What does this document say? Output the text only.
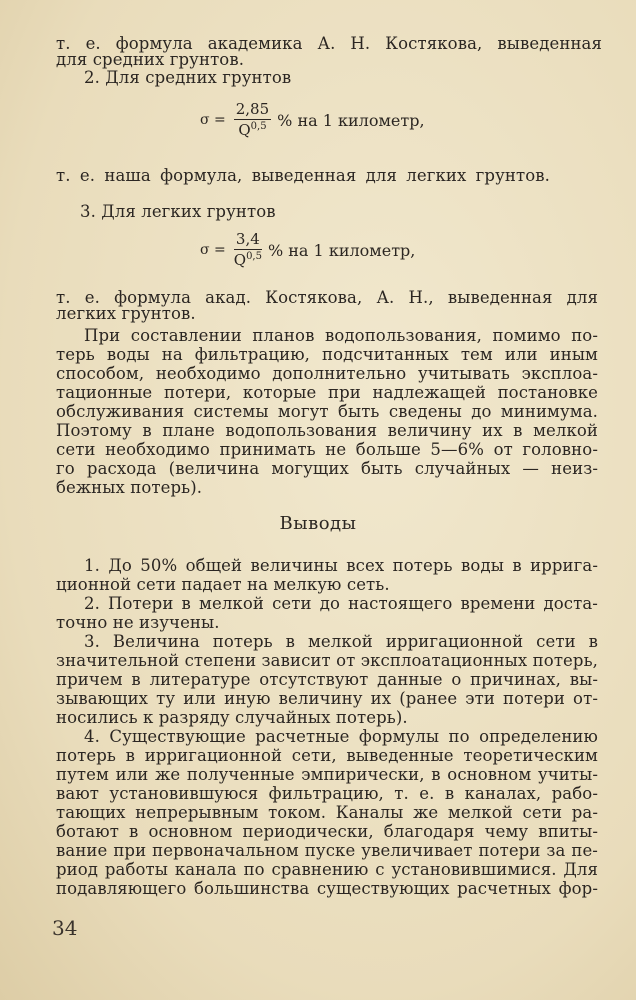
т. е. формула академика А. Н. Костякова, выведенная
для средних грунтов.
2. Для средних грунтов
$\sigma = \frac{2,85}{Q^{0,5}}$ % на 1 километр,
т. е. наша формула, выведенная для легких грунтов.
3. Для легких грунтов
$\sigma = \frac{3,4}{Q^{0,5}}$ % на 1 километр,
т. е. формула акад. Костякова, А. Н., выведенная для
легких грунтов.
При составлении планов водопользования, помимо по-
терь воды на фильтрацию, подсчитанных тем или иным
способом, необходимо дополнительно учитывать эксплоа-
тационные потери, которые при надлежащей постановке
обслуживания системы могут быть сведены до минимума.
Поэтому в плане водопользования величину их в мелкой
сети необходимо принимать не больше 5—6% от головно-
го расхода (величина могущих быть случайных — неиз-
бежных потерь).
Выводы
1. До 50% общей величины всех потерь воды в ирригa-
ционной сети падает на мелкую сеть.
2. Потери в мелкой сети до настоящего времени доста-
точно не изучены.
3. Величина потерь в мелкой ирригационной сети в
значительной степени зависит от эксплоатационных потерь,
причем в литературе отсутствуют данные о причинах, вы-
зывающих ту или иную величину их (ранее эти потери от-
носились к разряду случайных потерь).
4. Существующие расчетные формулы по определению
потерь в ирригационной сети, выведенные теоретическим
путем или же полученные эмпирически, в основном учиты-
вают установившуюся фильтрацию, т. е. в каналах, рабо-
тающих непрерывным током. Каналы же мелкой сети ра-
ботают в основном периодически, благодаря чему впиты-
вание при первоначальном пуске увеличивает потери за пе-
риод работы канала по сравнению с установившимися. Для
подавляющего большинства существующих расчетных фор-
34
